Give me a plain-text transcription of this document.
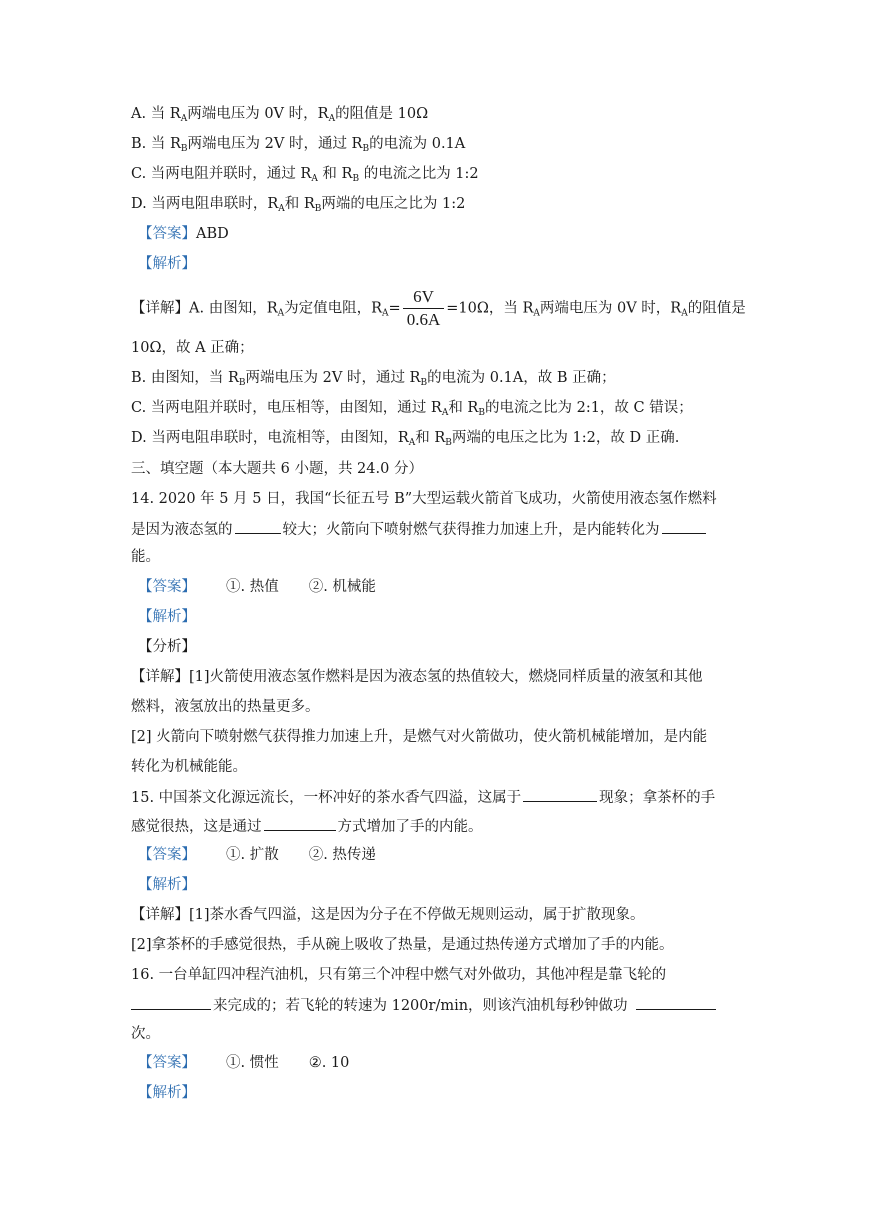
A. 当 $R_A$两端电压为 0V 时，$R_A$的阻值是 10Ω
B. 当 $R_B$两端电压为 2V 时，通过 $R_B$的电流为 0.1A
C. 当两电阻并联时，通过 $R_A$ 和 $R_B$ 的电流之比为 1:2
D. 当两电阻串联时，$R_A$和 $R_B$两端的电压之比为 1:2
【答案】ABD
【解析】
【详解】A. 由图知，$R_A$为定值电阻，$R_A= \frac{6V}{0.6A} =10\Omega$，当 $R_A$两端电压为 0V 时，$R_A$的阻值是
10Ω，故 A 正确；
B. 由图知，当 $R_B$两端电压为 2V 时，通过 $R_B$的电流为 0.1A，故 B 正确；
C. 当两电阻并联时，电压相等，由图知，通过 $R_A$和 $R_B$的电流之比为 2:1，故 C 错误；
D. 当两电阻串联时，电流相等，由图知，$R_A$和 $R_B$两端的电压之比为 1:2，故 D 正确.
三、填空题（本大题共 6 小题，共 24.0 分）
14. 2020 年 5 月 5 日，我国“长征五号 B”大型运载火箭首飞成功，火箭使用液态氢作燃料
是因为液态氢的	较大；火箭向下喷射燃气获得推力加速上升，是内能转化为
能。
【答案】 ①. 热值 ②. 机械能
【解析】
【分析】
【详解】[1]火箭使用液态氢作燃料是因为液态氢的热值较大，燃烧同样质量的液氢和其他
燃料，液氢放出的热量更多。
[2] 火箭向下喷射燃气获得推力加速上升，是燃气对火箭做功，使火箭机械能增加，是内能
转化为机械能能。
15. 中国茶文化源远流长，一杯冲好的茶水香气四溢，这属于	现象；拿茶杯的手
感觉很热，这是通过	方式增加了手的内能。
【答案】 ①. 扩散 ②. 热传递
【解析】
【详解】[1]茶水香气四溢，这是因为分子在不停做无规则运动，属于扩散现象。
[2]拿茶杯的手感觉很热，手从碗上吸收了热量，是通过热传递方式增加了手的内能。
16. 一台单缸四冲程汽油机，只有第三个冲程中燃气对外做功，其他冲程是靠飞轮的
来完成的；若飞轮的转速为 1200r/min，则该汽油机每秒钟做功
次。
【答案】 ①. 惯性 ②. 10
【解析】
